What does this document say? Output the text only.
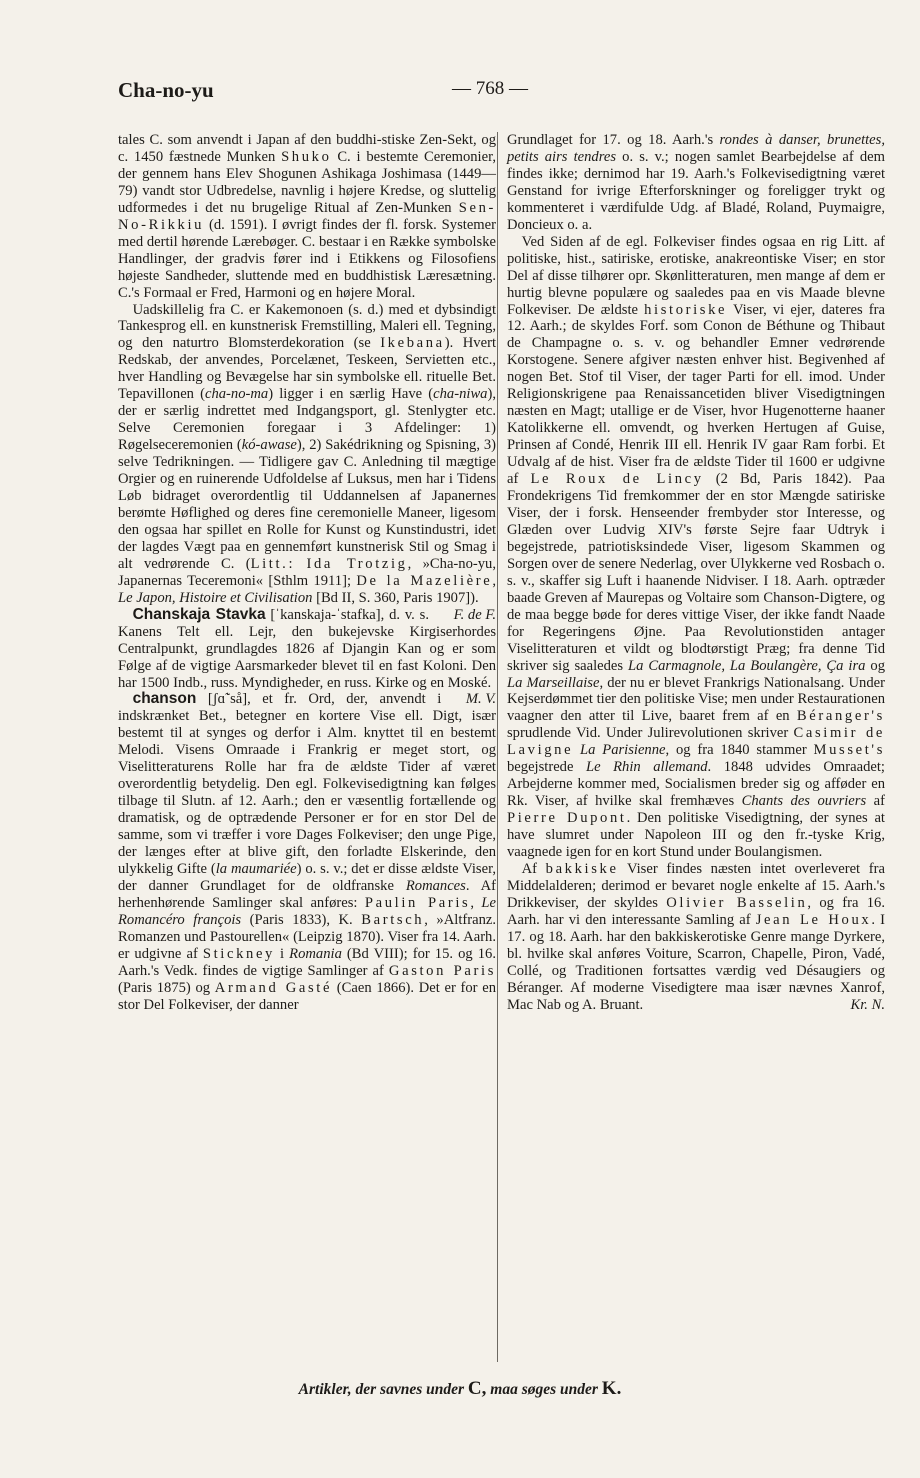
Cha-no-yu	— 768 —

tales C. som anvendt i Japan af den buddhi-stiske Zen-Sekt, og c. 1450 fæstnede Munken Shuko C. i bestemte Ceremonier, der gennem hans Elev Shogunen Ashikaga Joshimasa (1449—79) vandt stor Udbredelse, navnlig i højere Kredse, og sluttelig udformedes i det nu brugelige Ritual af Zen-Munken Sen-No-Rikkiu (d. 1591). I øvrigt findes der fl. forsk. Systemer med dertil hørende Lærebøger. C. bestaar i en Række symbolske Handlinger, der gradvis fører ind i Etikkens og Filosofiens højeste Sandheder, sluttende med en buddhistisk Læresætning. C.'s Formaal er Fred, Harmoni og en højere Moral.

Uadskillelig fra C. er Kakemonoen (s. d.) med et dybsindigt Tankesprog ell. en kunstnerisk Fremstilling, Maleri ell. Tegning, og den naturtro Blomsterdekoration (se Ikebana). Hvert Redskab, der anvendes, Porcelænet, Teskeen, Servietten etc., hver Handling og Bevægelse har sin symbolske ell. rituelle Bet. Tepavillonen (cha-no-ma) ligger i en særlig Have (cha-niwa), der er særlig indrettet med Indgangsport, gl. Stenlygter etc. Selve Ceremonien foregaar i 3 Afdelinger: 1) Røgelseceremonien (kó-awase), 2) Sakédrikning og Spisning, 3) selve Tedrikningen. — Tidligere gav C. Anledning til mægtige Orgier og en ruinerende Udfoldelse af Luksus, men har i Tidens Løb bidraget overordentlig til Uddannelsen af Japanernes berømte Høflighed og deres fine ceremonielle Maneer, ligesom den ogsaa har spillet en Rolle for Kunst og Kunstindustri, idet der lagdes Vægt paa en gennemført kunstnerisk Stil og Smag i alt vedrørende C. (Litt.: Ida Trotzig, »Cha-no-yu, Japanernas Teceremoni« [Sthlm 1911]; De la Mazelière, Le Japon, Histoire et Civilisation [Bd II, S. 360, Paris 1907]).
F. de F.

Chanskaja Stavka [ˈkanskaja-ˈstafka], d. v. s. Kanens Telt ell. Lejr, den bukejevske Kirgiserhordes Centralpunkt, grundlagdes 1826 af Djangin Kan og er som Følge af de vigtige Aarsmarkeder blevet til en fast Koloni. Den har 1500 Indb., russ. Myndigheder, en russ. Kirke og en Moské.
M. V.

chanson [ʃɑ̃ˈså], et fr. Ord, der, anvendt i indskrænket Bet., betegner en kortere Vise ell. Digt, især bestemt til at synges og derfor i Alm. knyttet til en bestemt Melodi. Visens Omraade i Frankrig er meget stort, og Viselitteraturens Rolle har fra de ældste Tider af været overordentlig betydelig. Den egl. Folkevisedigtning kan følges tilbage til Slutn. af 12. Aarh.; den er væsentlig fortællende og dramatisk, og de optrædende Personer er for en stor Del de samme, som vi træffer i vore Dages Folkeviser; den unge Pige, der længes efter at blive gift, den forladte Elskerinde, den ulykkelig Gifte (la maumariée) o. s. v.; det er disse ældste Viser, der danner Grundlaget for de oldfranske Romances. Af herhenhørende Samlinger skal anføres: Paulin Paris, Le Romancéro françois (Paris 1833), K. Bartsch, »Altfranz. Romanzen und Pastourellen« (Leipzig 1870). Viser fra 14. Aarh. er udgivne af Stickney i Romania (Bd VIII); for 15. og 16. Aarh.'s Vedk. findes de vigtige Samlinger af Gaston Paris (Paris 1875) og Armand Gasté (Caen 1866). Det er for en stor Del Folkeviser, der danner

Grundlaget for 17. og 18. Aarh.'s rondes à danser, brunettes, petits airs tendres o. s. v.; nogen samlet Bearbejdelse af dem findes ikke; dernimod har 19. Aarh.'s Folkevisedigtning været Genstand for ivrige Efterforskninger og foreligger trykt og kommenteret i værdifulde Udg. af Bladé, Roland, Puymaigre, Doncieux o. a.

Ved Siden af de egl. Folkeviser findes ogsaa en rig Litt. af politiske, hist., satiriske, erotiske, anakreontiske Viser; en stor Del af disse tilhører opr. Skønlitteraturen, men mange af dem er hurtig blevne populære og saaledes paa en vis Maade blevne Folkeviser. De ældste historiske Viser, vi ejer, dateres fra 12. Aarh.; de skyldes Forf. som Conon de Béthune og Thibaut de Champagne o. s. v. og behandler Emner vedrørende Korstogene. Senere afgiver næsten enhver hist. Begivenhed af nogen Bet. Stof til Viser, der tager Parti for ell. imod. Under Religionskrigene paa Renaissancetiden bliver Visedigtningen næsten en Magt; utallige er de Viser, hvor Hugenotterne haaner Katolikkerne ell. omvendt, og hverken Hertugen af Guise, Prinsen af Condé, Henrik III ell. Henrik IV gaar Ram forbi. Et Udvalg af de hist. Viser fra de ældste Tider til 1600 er udgivne af Le Roux de Lincy (2 Bd, Paris 1842). Paa Frondekrigens Tid fremkommer der en stor Mængde satiriske Viser, der i forsk. Henseender frembyder stor Interesse, og Glæden over Ludvig XIV's første Sejre faar Udtryk i begejstrede, patriotisksindede Viser, ligesom Skammen og Sorgen over de senere Nederlag, over Ulykkerne ved Rosbach o. s. v., skaffer sig Luft i haanende Nidviser. I 18. Aarh. optræder baade Greven af Maurepas og Voltaire som Chanson-Digtere, og de maa begge bøde for deres vittige Viser, der ikke fandt Naade for Regeringens Øjne. Paa Revolutionstiden antager Viselitteraturen et vildt og blodtørstigt Præg; fra denne Tid skriver sig saaledes La Carmagnole, La Boulangère, Ça ira og La Marseillaise, der nu er blevet Frankrigs Nationalsang. Under Kejserdømmet tier den politiske Vise; men under Restaurationen vaagner den atter til Live, baaret frem af en Béranger's sprudlende Vid. Under Julirevolutionen skriver Casimir de Lavigne La Parisienne, og fra 1840 stammer Musset's begejstrede Le Rhin allemand. 1848 udvides Omraadet; Arbejderne kommer med, Socialismen breder sig og afføder en Rk. Viser, af hvilke skal fremhæves Chants des ouvriers af Pierre Dupont. Den politiske Visedigtning, der synes at have slumret under Napoleon III og den fr.-tyske Krig, vaagnede igen for en kort Stund under Boulangismen.

Af bakkiske Viser findes næsten intet overleveret fra Middelalderen; derimod er bevaret nogle enkelte af 15. Aarh.'s Drikkeviser, der skyldes Olivier Basselin, og fra 16. Aarh. har vi den interessante Samling af Jean Le Houx. I 17. og 18. Aarh. har den bakkiskerotiske Genre mange Dyrkere, bl. hvilke skal anføres Voiture, Scarron, Chapelle, Piron, Vadé, Collé, og Traditionen fortsattes værdig ved Désaugiers og Béranger. Af moderne Visedigtere maa især nævnes Xanrof, Mac Nab og A. Bruant.	Kr. N.

Artikler, der savnes under C, maa søges under K.
